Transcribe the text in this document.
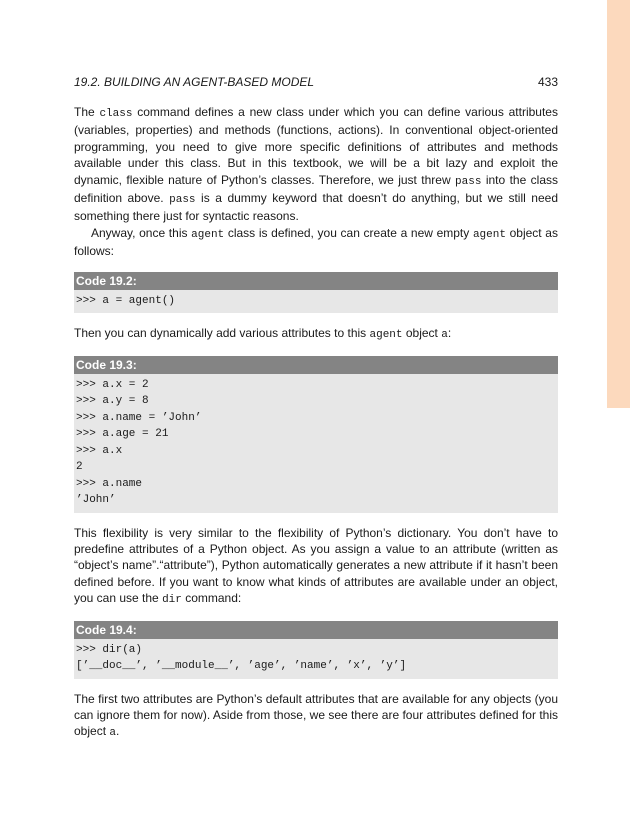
19.2. BUILDING AN AGENT-BASED MODEL	433

The class command defines a new class under which you can define various attributes (variables, properties) and methods (functions, actions). In conventional object-oriented programming, you need to give more specific definitions of attributes and methods available under this class. But in this textbook, we will be a bit lazy and exploit the dynamic, flexible nature of Python’s classes. Therefore, we just threw pass into the class definition above. pass is a dummy keyword that doesn’t do anything, but we still need something there just for syntactic reasons.

Anyway, once this agent class is defined, you can create a new empty agent object as follows:

Code 19.2:
>>> a = agent()

Then you can dynamically add various attributes to this agent object a:

Code 19.3:
>>> a.x = 2
>>> a.y = 8
>>> a.name = ’John’
>>> a.age = 21
>>> a.x
2
>>> a.name
’John’

This flexibility is very similar to the flexibility of Python’s dictionary. You don’t have to predefine attributes of a Python object. As you assign a value to an attribute (written as “object’s name”.“attribute”), Python automatically generates a new attribute if it hasn’t been defined before. If you want to know what kinds of attributes are available under an object, you can use the dir command:

Code 19.4:
>>> dir(a)
[’__doc__’, ’__module__’, ’age’, ’name’, ’x’, ’y’]

The first two attributes are Python’s default attributes that are available for any objects (you can ignore them for now). Aside from those, we see there are four attributes defined for this object a.
